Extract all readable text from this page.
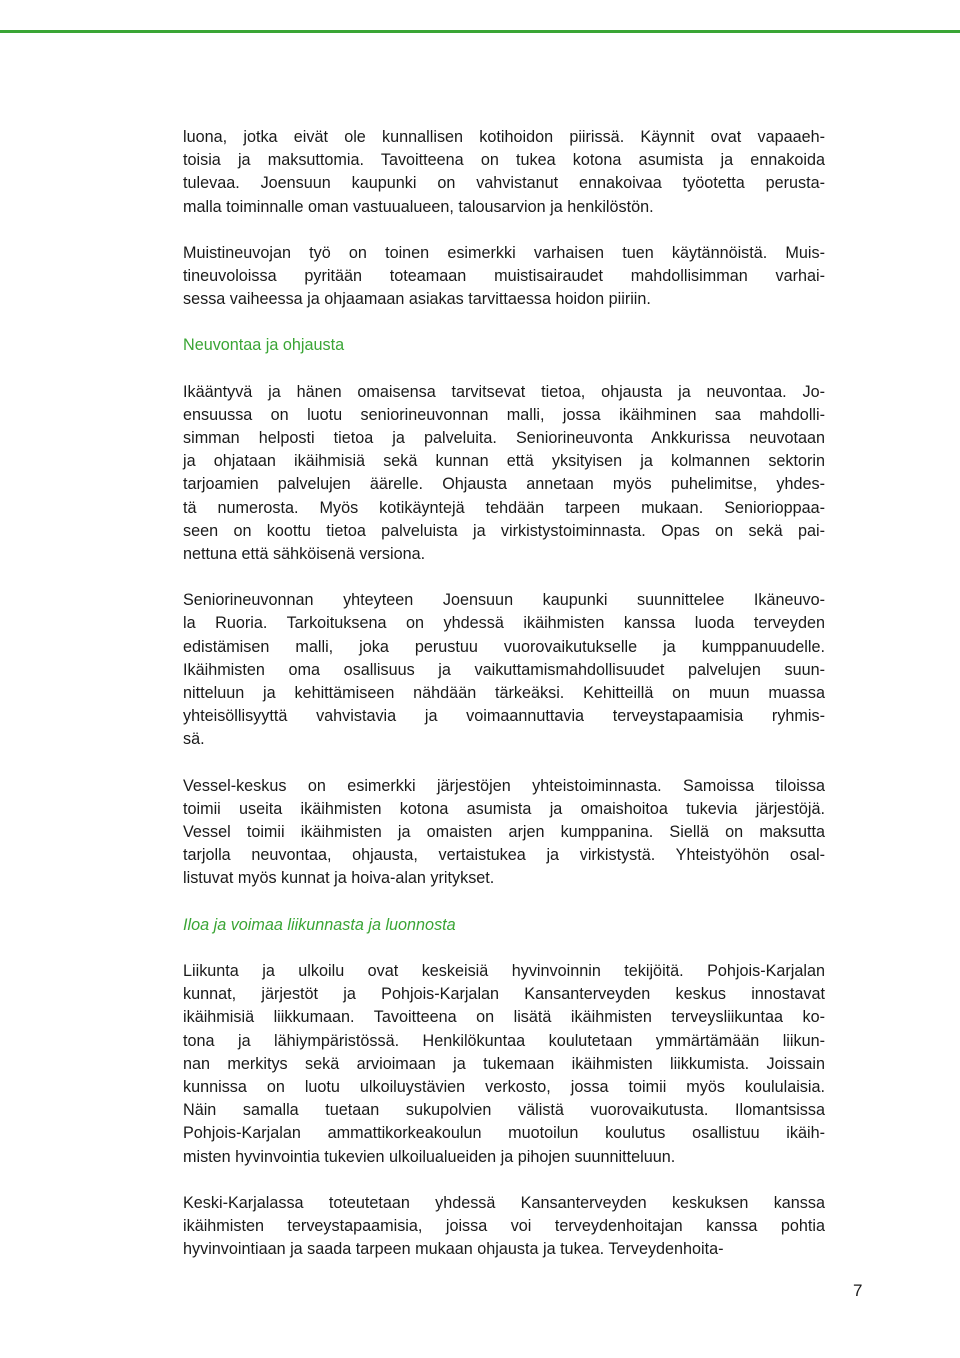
luona, jotka eivät ole kunnallisen kotihoidon piirissä. Käynnit ovat vapaaeh-
toisia ja maksuttomia. Tavoitteena on tukea kotona asumista ja ennakoida
tulevaa. Joensuun kaupunki on vahvistanut ennakoivaa työotetta perusta-
malla toiminnalle oman vastuualueen, talousarvion ja henkilöstön.

Muistineuvojan työ on toinen esimerkki varhaisen tuen käytännöistä. Muis-
tineuvoloissa pyritään toteamaan muistisairaudet mahdollisimman varhai-
sessa vaiheessa ja ohjaamaan asiakas tarvittaessa hoidon piiriin.

Neuvontaa ja ohjausta

Ikääntyvä ja hänen omaisensa tarvitsevat tietoa, ohjausta ja neuvontaa. Jo-
ensuussa on luotu seniorineuvonnan malli, jossa ikäihminen saa mahdolli-
simman helposti tietoa ja palveluita. Seniorineuvonta Ankkurissa neuvotaan
ja ohjataan ikäihmisiä sekä kunnan että yksityisen ja kolmannen sektorin
tarjoamien palvelujen äärelle. Ohjausta annetaan myös puhelimitse, yhdes-
tä numerosta. Myös kotikäyntejä tehdään tarpeen mukaan. Seniorioppaa-
seen on koottu tietoa palveluista ja virkistystoiminnasta. Opas on sekä pai-
nettuna että sähköisenä versiona.

Seniorineuvonnan yhteyteen Joensuun kaupunki suunnittelee Ikäneuvo-
la Ruoria. Tarkoituksena on yhdessä ikäihmisten kanssa luoda terveyden
edistämisen malli, joka perustuu vuorovaikutukselle ja kumppanuudelle.
Ikäihmisten oma osallisuus ja vaikuttamismahdollisuudet palvelujen suun-
nitteluun ja kehittämiseen nähdään tärkeäksi. Kehitteillä on muun muassa
yhteisöllisyyttä vahvistavia ja voimaannuttavia terveystapaamisia ryhmis-
sä.

Vessel-keskus on esimerkki järjestöjen yhteistoiminnasta. Samoissa tiloissa
toimii useita ikäihmisten kotona asumista ja omaishoitoa tukevia järjestöjä.
Vessel toimii ikäihmisten ja omaisten arjen kumppanina. Siellä on maksutta
tarjolla neuvontaa, ohjausta, vertaistukea ja virkistystä. Yhteistyöhön osal-
listuvat myös kunnat ja hoiva-alan yritykset.

Iloa ja voimaa liikunnasta ja luonnosta

Liikunta ja ulkoilu ovat keskeisiä hyvinvoinnin tekijöitä. Pohjois-Karjalan
kunnat, järjestöt ja Pohjois-Karjalan Kansanterveyden keskus innostavat
ikäihmisiä liikkumaan. Tavoitteena on lisätä ikäihmisten terveysliikuntaa ko-
tona ja lähiympäristössä. Henkilökuntaa koulutetaan ymmärtämään liikun-
nan merkitys sekä arvioimaan ja tukemaan ikäihmisten liikkumista. Joissain
kunnissa on luotu ulkoiluystävien verkosto, jossa toimii myös koululaisia.
Näin samalla tuetaan sukupolvien välistä vuorovaikutusta. Ilomantsissa
Pohjois-Karjalan ammattikorkeakoulun muotoilun koulutus osallistuu ikäih-
misten hyvinvointia tukevien ulkoilualueiden ja pihojen suunnitteluun.

Keski-Karjalassa toteutetaan yhdessä Kansanterveyden keskuksen kanssa
ikäihmisten terveystapaamisia, joissa voi terveydenhoitajan kanssa pohtia
hyvinvointiaan ja saada tarpeen mukaan ohjausta ja tukea. Terveydenhoita-

7
